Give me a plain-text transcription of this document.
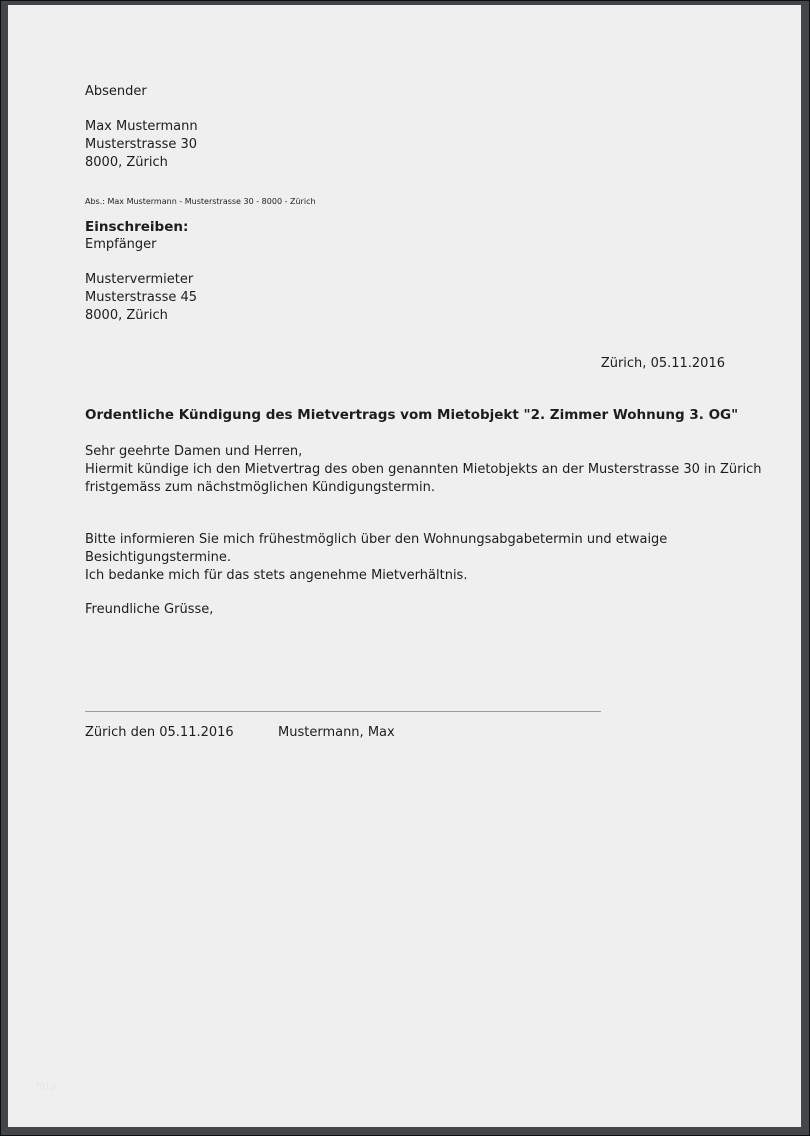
Absender
Max Mustermann
Musterstrasse 30
8000, Zürich
Abs.: Max Mustermann - Musterstrasse 30 - 8000 - Zürich
Einschreiben:
Empfänger
Mustervermieter
Musterstrasse 45
8000, Zürich
Zürich, 05.11.2016
Ordentliche Kündigung des Mietvertrags vom Mietobjekt "2. Zimmer Wohnung 3. OG"
Sehr geehrte Damen und Herren,
Hiermit kündige ich den Mietvertrag des oben genannten Mietobjekts an der Musterstrasse 30 in Zürich
fristgemäss zum nächstmöglichen Kündigungstermin.
Bitte informieren Sie mich frühestmöglich über den Wohnungsabgabetermin und etwaige
Besichtigungstermine.
Ich bedanke mich für das stets angenehme Mietverhältnis.
Freundliche Grüsse,
Zürich den 05.11.2016	Mustermann, Max
http
